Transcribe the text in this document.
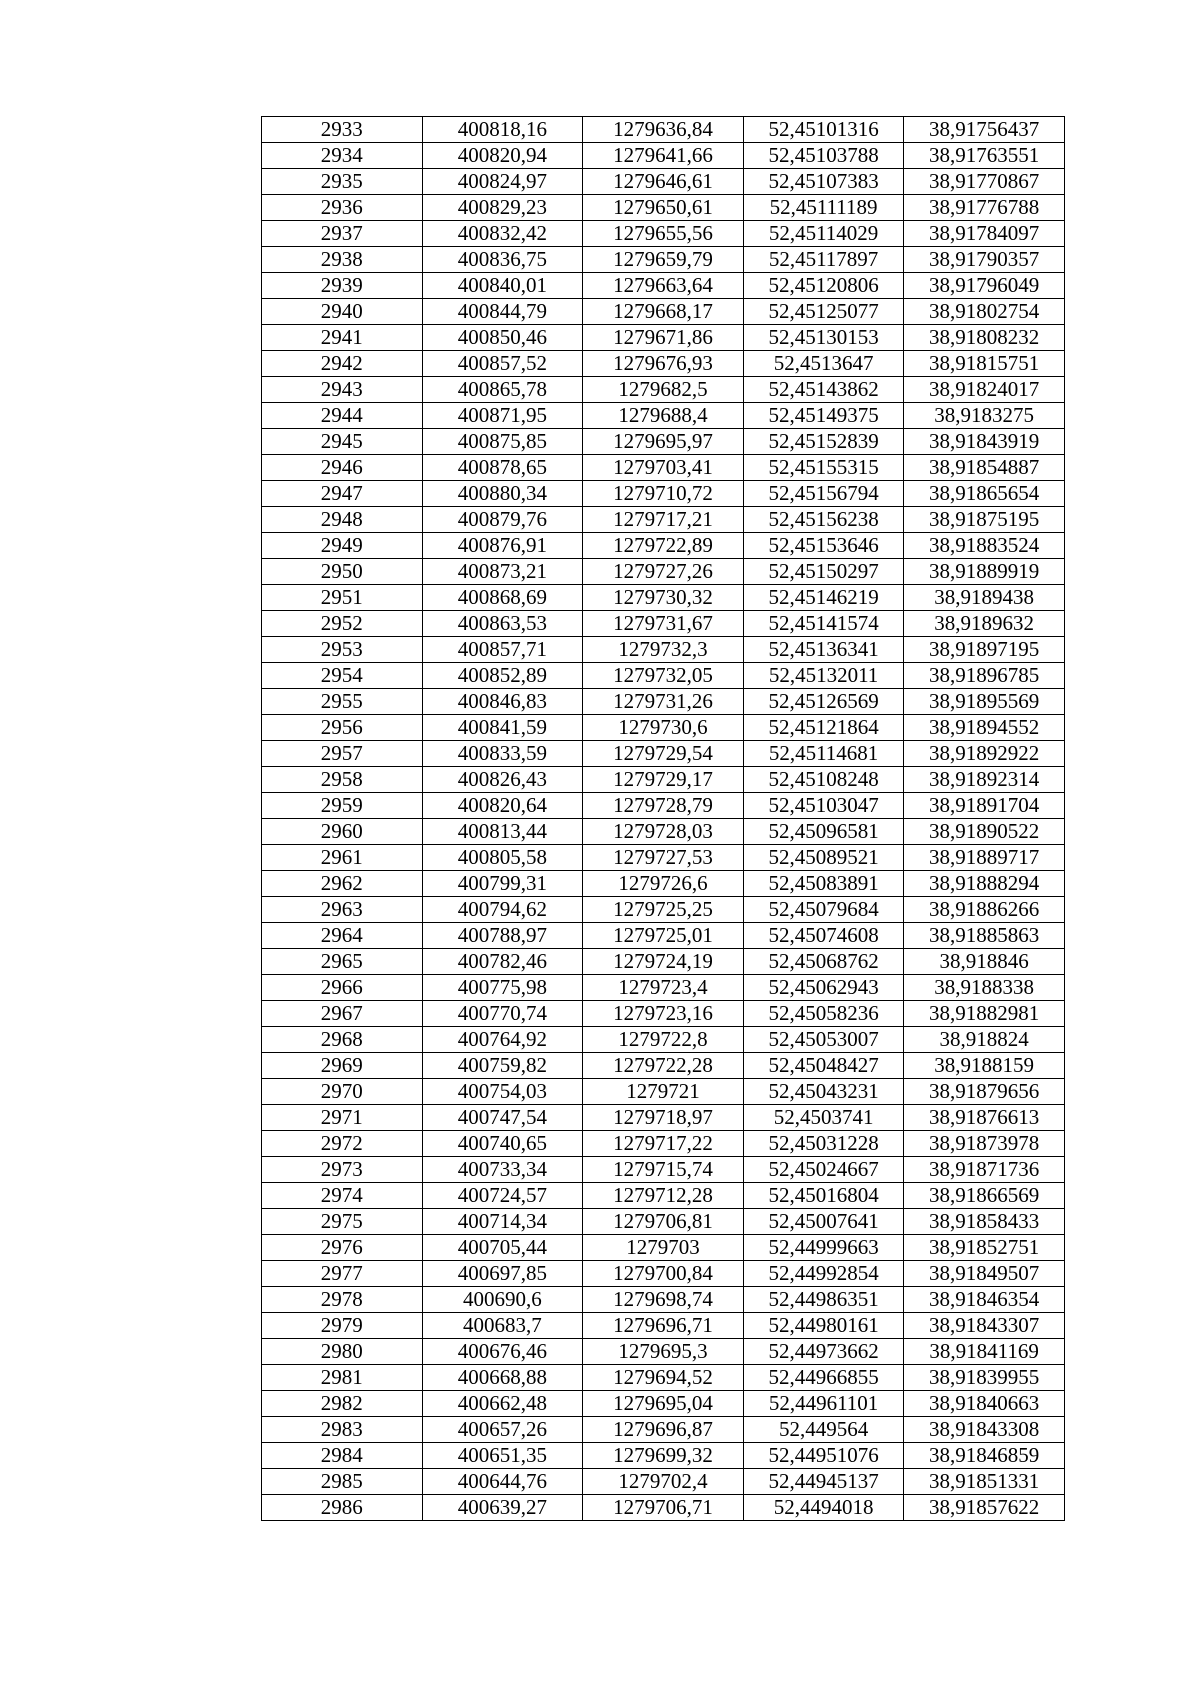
2933	400818,16	1279636,84	52,45101316	38,91756437
2934	400820,94	1279641,66	52,45103788	38,91763551
2935	400824,97	1279646,61	52,45107383	38,91770867
2936	400829,23	1279650,61	52,45111189	38,91776788
2937	400832,42	1279655,56	52,45114029	38,91784097
2938	400836,75	1279659,79	52,45117897	38,91790357
2939	400840,01	1279663,64	52,45120806	38,91796049
2940	400844,79	1279668,17	52,45125077	38,91802754
2941	400850,46	1279671,86	52,45130153	38,91808232
2942	400857,52	1279676,93	52,4513647	38,91815751
2943	400865,78	1279682,5	52,45143862	38,91824017
2944	400871,95	1279688,4	52,45149375	38,9183275
2945	400875,85	1279695,97	52,45152839	38,91843919
2946	400878,65	1279703,41	52,45155315	38,91854887
2947	400880,34	1279710,72	52,45156794	38,91865654
2948	400879,76	1279717,21	52,45156238	38,91875195
2949	400876,91	1279722,89	52,45153646	38,91883524
2950	400873,21	1279727,26	52,45150297	38,91889919
2951	400868,69	1279730,32	52,45146219	38,9189438
2952	400863,53	1279731,67	52,45141574	38,9189632
2953	400857,71	1279732,3	52,45136341	38,91897195
2954	400852,89	1279732,05	52,45132011	38,91896785
2955	400846,83	1279731,26	52,45126569	38,91895569
2956	400841,59	1279730,6	52,45121864	38,91894552
2957	400833,59	1279729,54	52,45114681	38,91892922
2958	400826,43	1279729,17	52,45108248	38,91892314
2959	400820,64	1279728,79	52,45103047	38,91891704
2960	400813,44	1279728,03	52,45096581	38,91890522
2961	400805,58	1279727,53	52,45089521	38,91889717
2962	400799,31	1279726,6	52,45083891	38,91888294
2963	400794,62	1279725,25	52,45079684	38,91886266
2964	400788,97	1279725,01	52,45074608	38,91885863
2965	400782,46	1279724,19	52,45068762	38,918846
2966	400775,98	1279723,4	52,45062943	38,9188338
2967	400770,74	1279723,16	52,45058236	38,91882981
2968	400764,92	1279722,8	52,45053007	38,918824
2969	400759,82	1279722,28	52,45048427	38,9188159
2970	400754,03	1279721	52,45043231	38,91879656
2971	400747,54	1279718,97	52,4503741	38,91876613
2972	400740,65	1279717,22	52,45031228	38,91873978
2973	400733,34	1279715,74	52,45024667	38,91871736
2974	400724,57	1279712,28	52,45016804	38,91866569
2975	400714,34	1279706,81	52,45007641	38,91858433
2976	400705,44	1279703	52,44999663	38,91852751
2977	400697,85	1279700,84	52,44992854	38,91849507
2978	400690,6	1279698,74	52,44986351	38,91846354
2979	400683,7	1279696,71	52,44980161	38,91843307
2980	400676,46	1279695,3	52,44973662	38,91841169
2981	400668,88	1279694,52	52,44966855	38,91839955
2982	400662,48	1279695,04	52,44961101	38,91840663
2983	400657,26	1279696,87	52,449564	38,91843308
2984	400651,35	1279699,32	52,44951076	38,91846859
2985	400644,76	1279702,4	52,44945137	38,91851331
2986	400639,27	1279706,71	52,4494018	38,91857622
